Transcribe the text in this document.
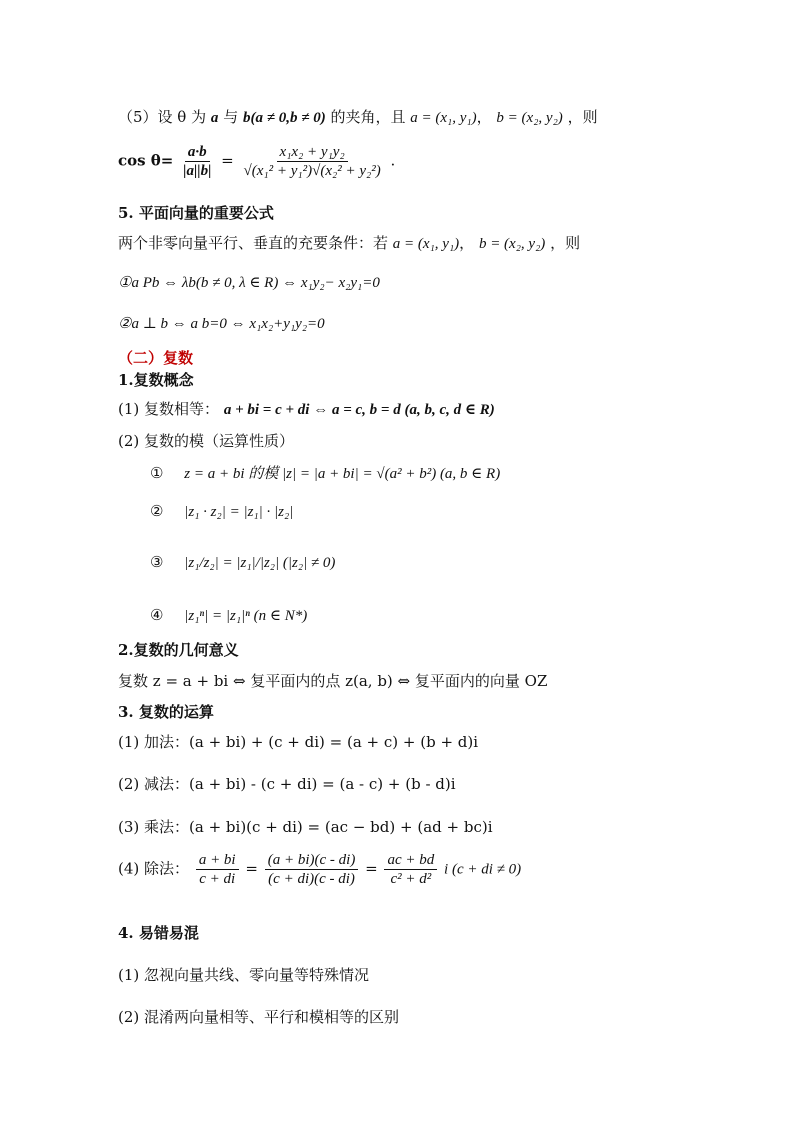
（5）设 θ 为 a 与 b(a ≠ 0,b ≠ 0) 的夹角，且 a = (x₁, y₁)， b = (x₂, y₂) ，则
$\cos \theta= \frac{a\cdot b}{|a||b|} = \frac{\text{x₁x₂ + y₁y₂}}{\text{√(x₁² + y₁²)√(x₂² + y₂²)}}$ .
5. 平面向量的重要公式
两个非零向量平行、垂直的充要条件：若 a = (x₁, y₁)， b = (x₂, y₂) ，则
①a Pb ⇔ λb(b ≠ 0, λ ∈ R) ⇔ x₁y₂− x₂y₁=0
②a ⊥ b ⇔ a b=0 ⇔ x₁x₂+y₁y₂=0
（二）复数
1.复数概念
(1) 复数相等： a + bi = c + di ⇔ a = c, b = d (a, b, c, d ∈ R)
(2) 复数的模（运算性质）
① z = a + bi 的模 |z| = |a + bi| = √(a² + b²) (a, b ∈ R)
② |z₁ · z₂| = |z₁| · |z₂|
③ |z₁/z₂| = |z₁|/|z₂| (|z₂| ≠ 0)
④ |z₁ⁿ| = |z₁|ⁿ (n ∈ N*)
2.复数的几何意义
复数 z = a + bi ⇔ 复平面内的点 z(a, b) ⇔ 复平面内的向量 OZ
3. 复数的运算
(1) 加法：(a + bi) + (c + di) = (a + c) + (b + d)i
(2) 减法：(a + bi) - (c + di) = (a - c) + (b - d)i
(3) 乘法：(a + bi)(c + di) = (ac − bd) + (ad + bc)i
(4) 除法： $\frac{a + bi}{c + di} = \frac{(a + bi)(c - di)}{(c + di)(c - di)} = \frac{ac + bd}{\text{c² + d²}}$ i (c + di ≠ 0)
4. 易错易混
(1) 忽视向量共线、零向量等特殊情况
(2) 混淆两向量相等、平行和模相等的区别
